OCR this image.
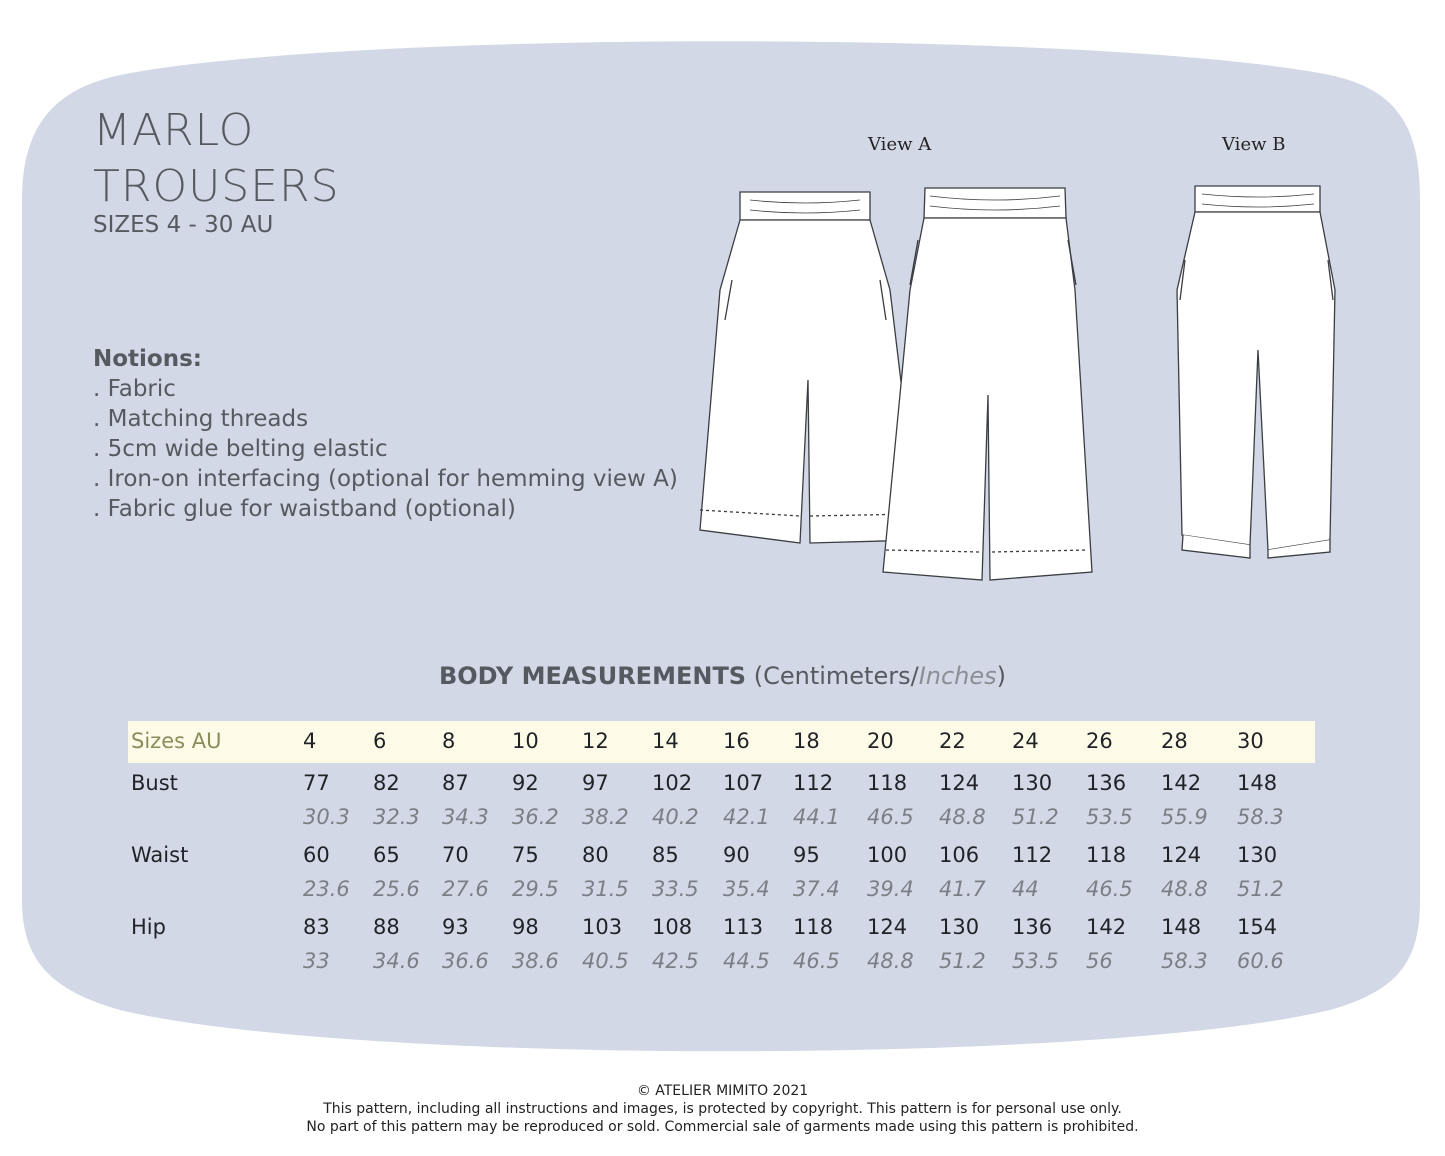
MARLO
TROUSERS
SIZES 4 - 30 AU
Notions:
. Fabric
. Matching threads
. 5cm wide belting elastic
. Iron-on interfacing (optional for hemming view A)
. Fabric glue for waistband (optional)
View A	View B
BODY MEASUREMENTS (Centimeters/Inches)
Sizes AU	4	6	8	10 12 14 16 18 20 22 24 26 28 30
Bust	77 82 87 92 97 102 107 112 118 124 130 136 142 148
30.3 32.3 34.3 36.2 38.2 40.2 42.1 44.1 46.5 48.8 51.2 53.5 55.9 58.3
Waist	60 65 70 75 80 85 90 95 100 106 112 118 124 130
23.6 25.6 27.6 29.5 31.5 33.5 35.4 37.4 39.4 41.7 44 46.5 48.8 51.2
Hip	83 88 93 98 103 108 113 118 124 130 136 142 148 154
33 34.6 36.6 38.6 40.5 42.5 44.5 46.5 48.8 51.2 53.5 56 58.3 60.6
© ATELIER MIMITO 2021
This pattern, including all instructions and images, is protected by copyright. This pattern is for personal use only.
No part of this pattern may be reproduced or sold. Commercial sale of garments made using this pattern is prohibited.
